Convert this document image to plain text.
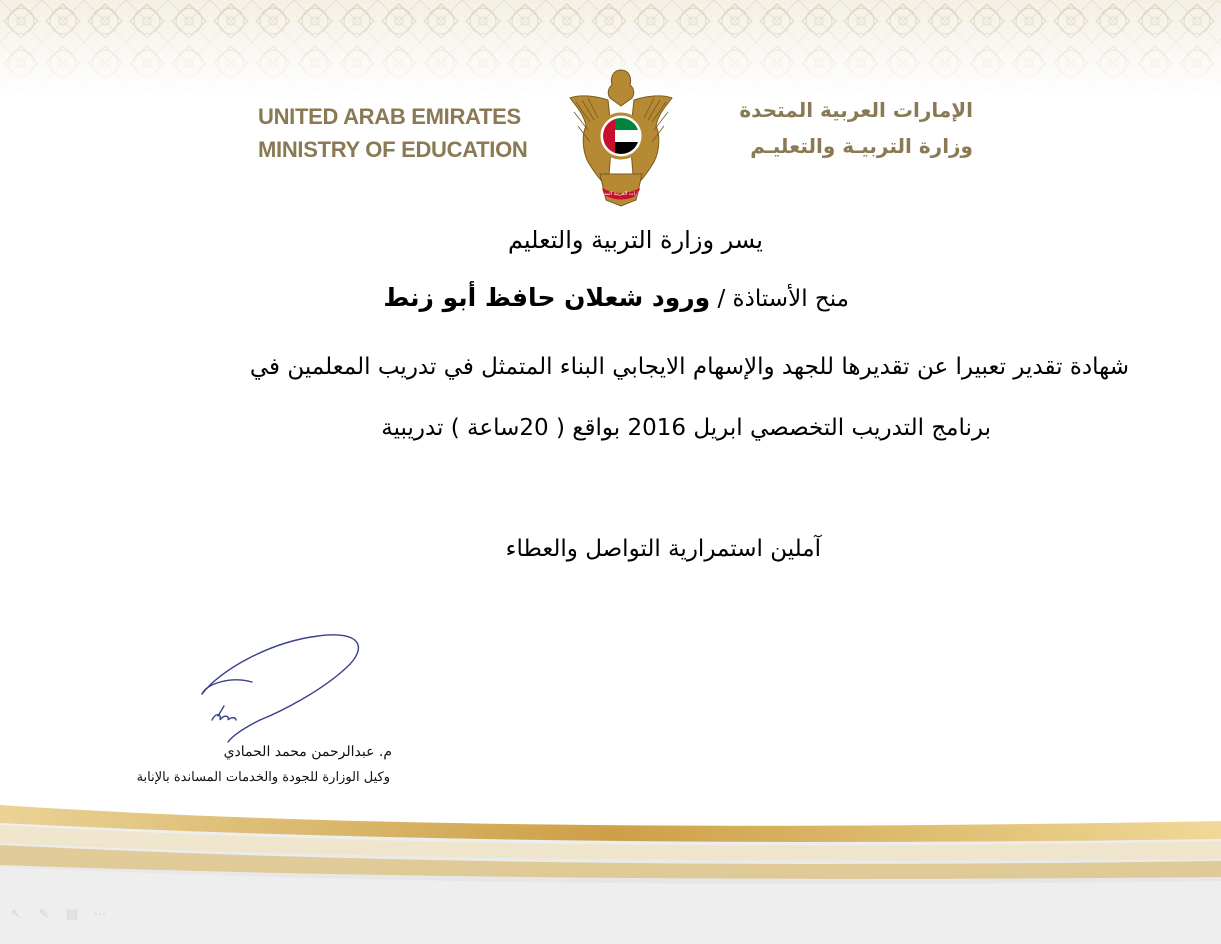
UNITED ARAB EMIRATES
MINISTRY OF EDUCATION
الإمارات العربية المتحدة
الإمارات العربية المتحدة
وزارة التربيـة والتعليـم
يسر وزارة التربية والتعليم
منح الأستاذة / ورود شعلان حافظ أبو زنط
شهادة تقدير تعبيرا عن تقديرها للجهد والإسهام الايجابي البناء المتمثل في تدريب المعلمين في
برنامج التدريب التخصصي ابريل 2016 بواقع ( 20ساعة ) تدريبية
آملين استمرارية التواصل والعطاء
م. عبدالرحمن محمد الحمادي
وكيل الوزارة للجودة والخدمات المساندة بالإنابة
↖ ✎ ▤ ⋯
